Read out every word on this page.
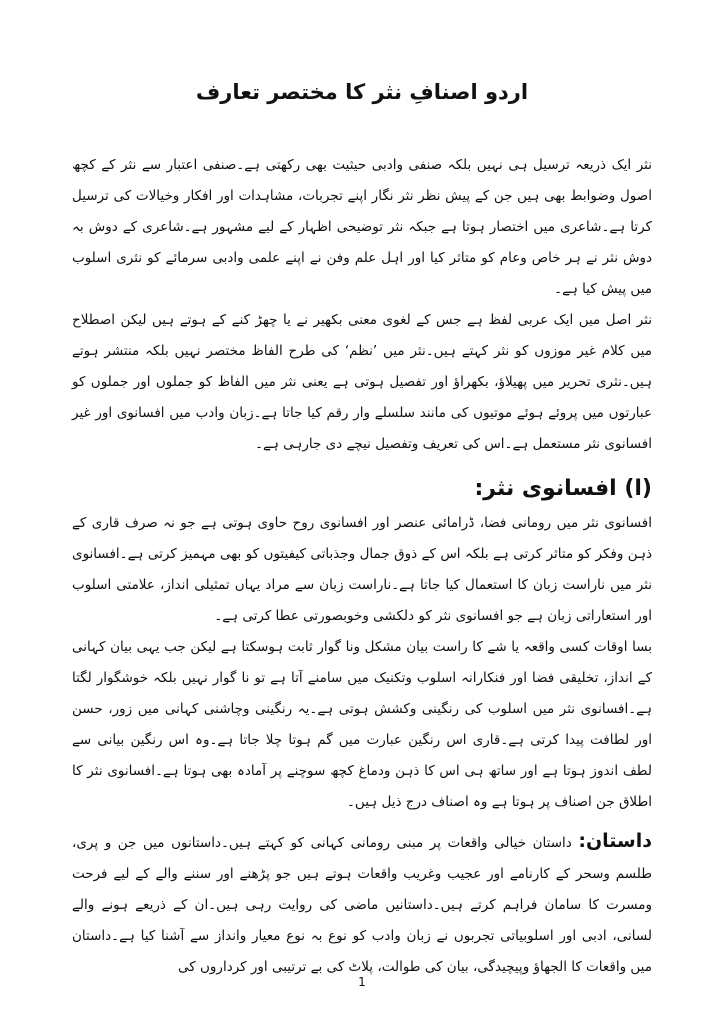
اردو اصنافِ نثر کا مختصر تعارف

نثر ایک ذریعہ ترسیل ہی نہیں بلکہ صنفی وادبی حیثیت بھی رکھتی ہے۔صنفی اعتبار سے نثر کے کچھ اصول وضوابط بھی ہیں جن کے پیش نظر نثر نگار اپنے تجربات، مشاہدات اور افکار وخیالات کی ترسیل کرتا ہے۔شاعری میں اختصار ہوتا ہے جبکہ نثر توضیحی اظہار کے لیے مشہور ہے۔شاعری کے دوش بہ دوش نثر نے ہر خاص وعام کو متاثر کیا اور اہل علم وفن نے اپنے علمی وادبی سرمائے کو نثری اسلوب میں پیش کیا ہے۔

نثر اصل میں ایک عربی لفظ ہے جس کے لغوی معنی بکھیر نے یا چھڑ کنے کے ہوتے ہیں لیکن اصطلاح میں کلام غیر موزوں کو نثر کہتے ہیں۔نثر میں ’نظم‘ کی طرح الفاظ مختصر نہیں بلکہ منتشر ہوتے ہیں۔نثری تحریر میں پھیلاؤ، بکھراؤ اور تفصیل ہوتی ہے یعنی نثر میں الفاظ کو جملوں اور جملوں کو عبارتوں میں پروئے ہوئے موتیوں کی مانند سلسلے وار رقم کیا جاتا ہے۔زبان وادب میں افسانوی اور غیر افسانوی نثر مستعمل ہے۔اس کی تعریف وتفصیل نیچے دی جارہی ہے۔

(ا) افسانوی نثر:

افسانوی نثر میں رومانی فضا، ڈرامائی عنصر اور افسانوی روح حاوی ہوتی ہے جو نہ صرف قاری کے ذہن وفکر کو متاثر کرتی ہے بلکہ اس کے ذوق جمال وجذباتی کیفیتوں کو بھی مہمیز کرتی ہے۔افسانوی نثر میں ناراست زبان کا استعمال کیا جاتا ہے۔ناراست زبان سے مراد یہاں تمثیلی انداز، علامتی اسلوب اور استعاراتی زبان ہے جو افسانوی نثر کو دلکشی وخوبصورتی عطا کرتی ہے۔

بسا اوقات کسی واقعہ یا شے کا راست بیان مشکل ونا گوار ثابت ہوسکتا ہے لیکن جب یہی بیان کہانی کے انداز، تخلیقی فضا اور فنکارانہ اسلوب وتکنیک میں سامنے آتا ہے تو نا گوار نہیں بلکہ خوشگوار لگتا ہے۔افسانوی نثر میں اسلوب کی رنگینی وکشش ہوتی ہے۔یہ رنگینی وچاشنی کہانی میں زور، حسن اور لطافت پیدا کرتی ہے۔قاری اس رنگین عبارت میں گم ہوتا چلا جاتا ہے۔وہ اس رنگین بیانی سے لطف اندوز ہوتا ہے اور ساتھ ہی اس کا ذہن ودماغ کچھ سوچنے پر آمادہ بھی ہوتا ہے۔افسانوی نثر کا اطلاق جن اصناف پر ہوتا ہے وہ اصناف درج ذیل ہیں۔

داستان: داستان خیالی واقعات پر مبنی رومانی کہانی کو کہتے ہیں۔داستانوں میں جن و پری، طلسم وسحر کے کارنامے اور عجیب وغریب واقعات ہوتے ہیں جو پڑھنے اور سننے والے کے لیے فرحت ومسرت کا سامان فراہم کرتے ہیں۔داستانیں ماضی کی روایت رہی ہیں۔ان کے ذریعے ہونے والے لسانی، ادبی اور اسلوبیاتی تجربوں نے زبان وادب کو نوع بہ نوع معیار وانداز سے آشنا کیا ہے۔داستان میں واقعات کا الجھاؤ وپیچیدگی، بیان کی طوالت، پلاٹ کی بے ترتیبی اور کرداروں کی

1
